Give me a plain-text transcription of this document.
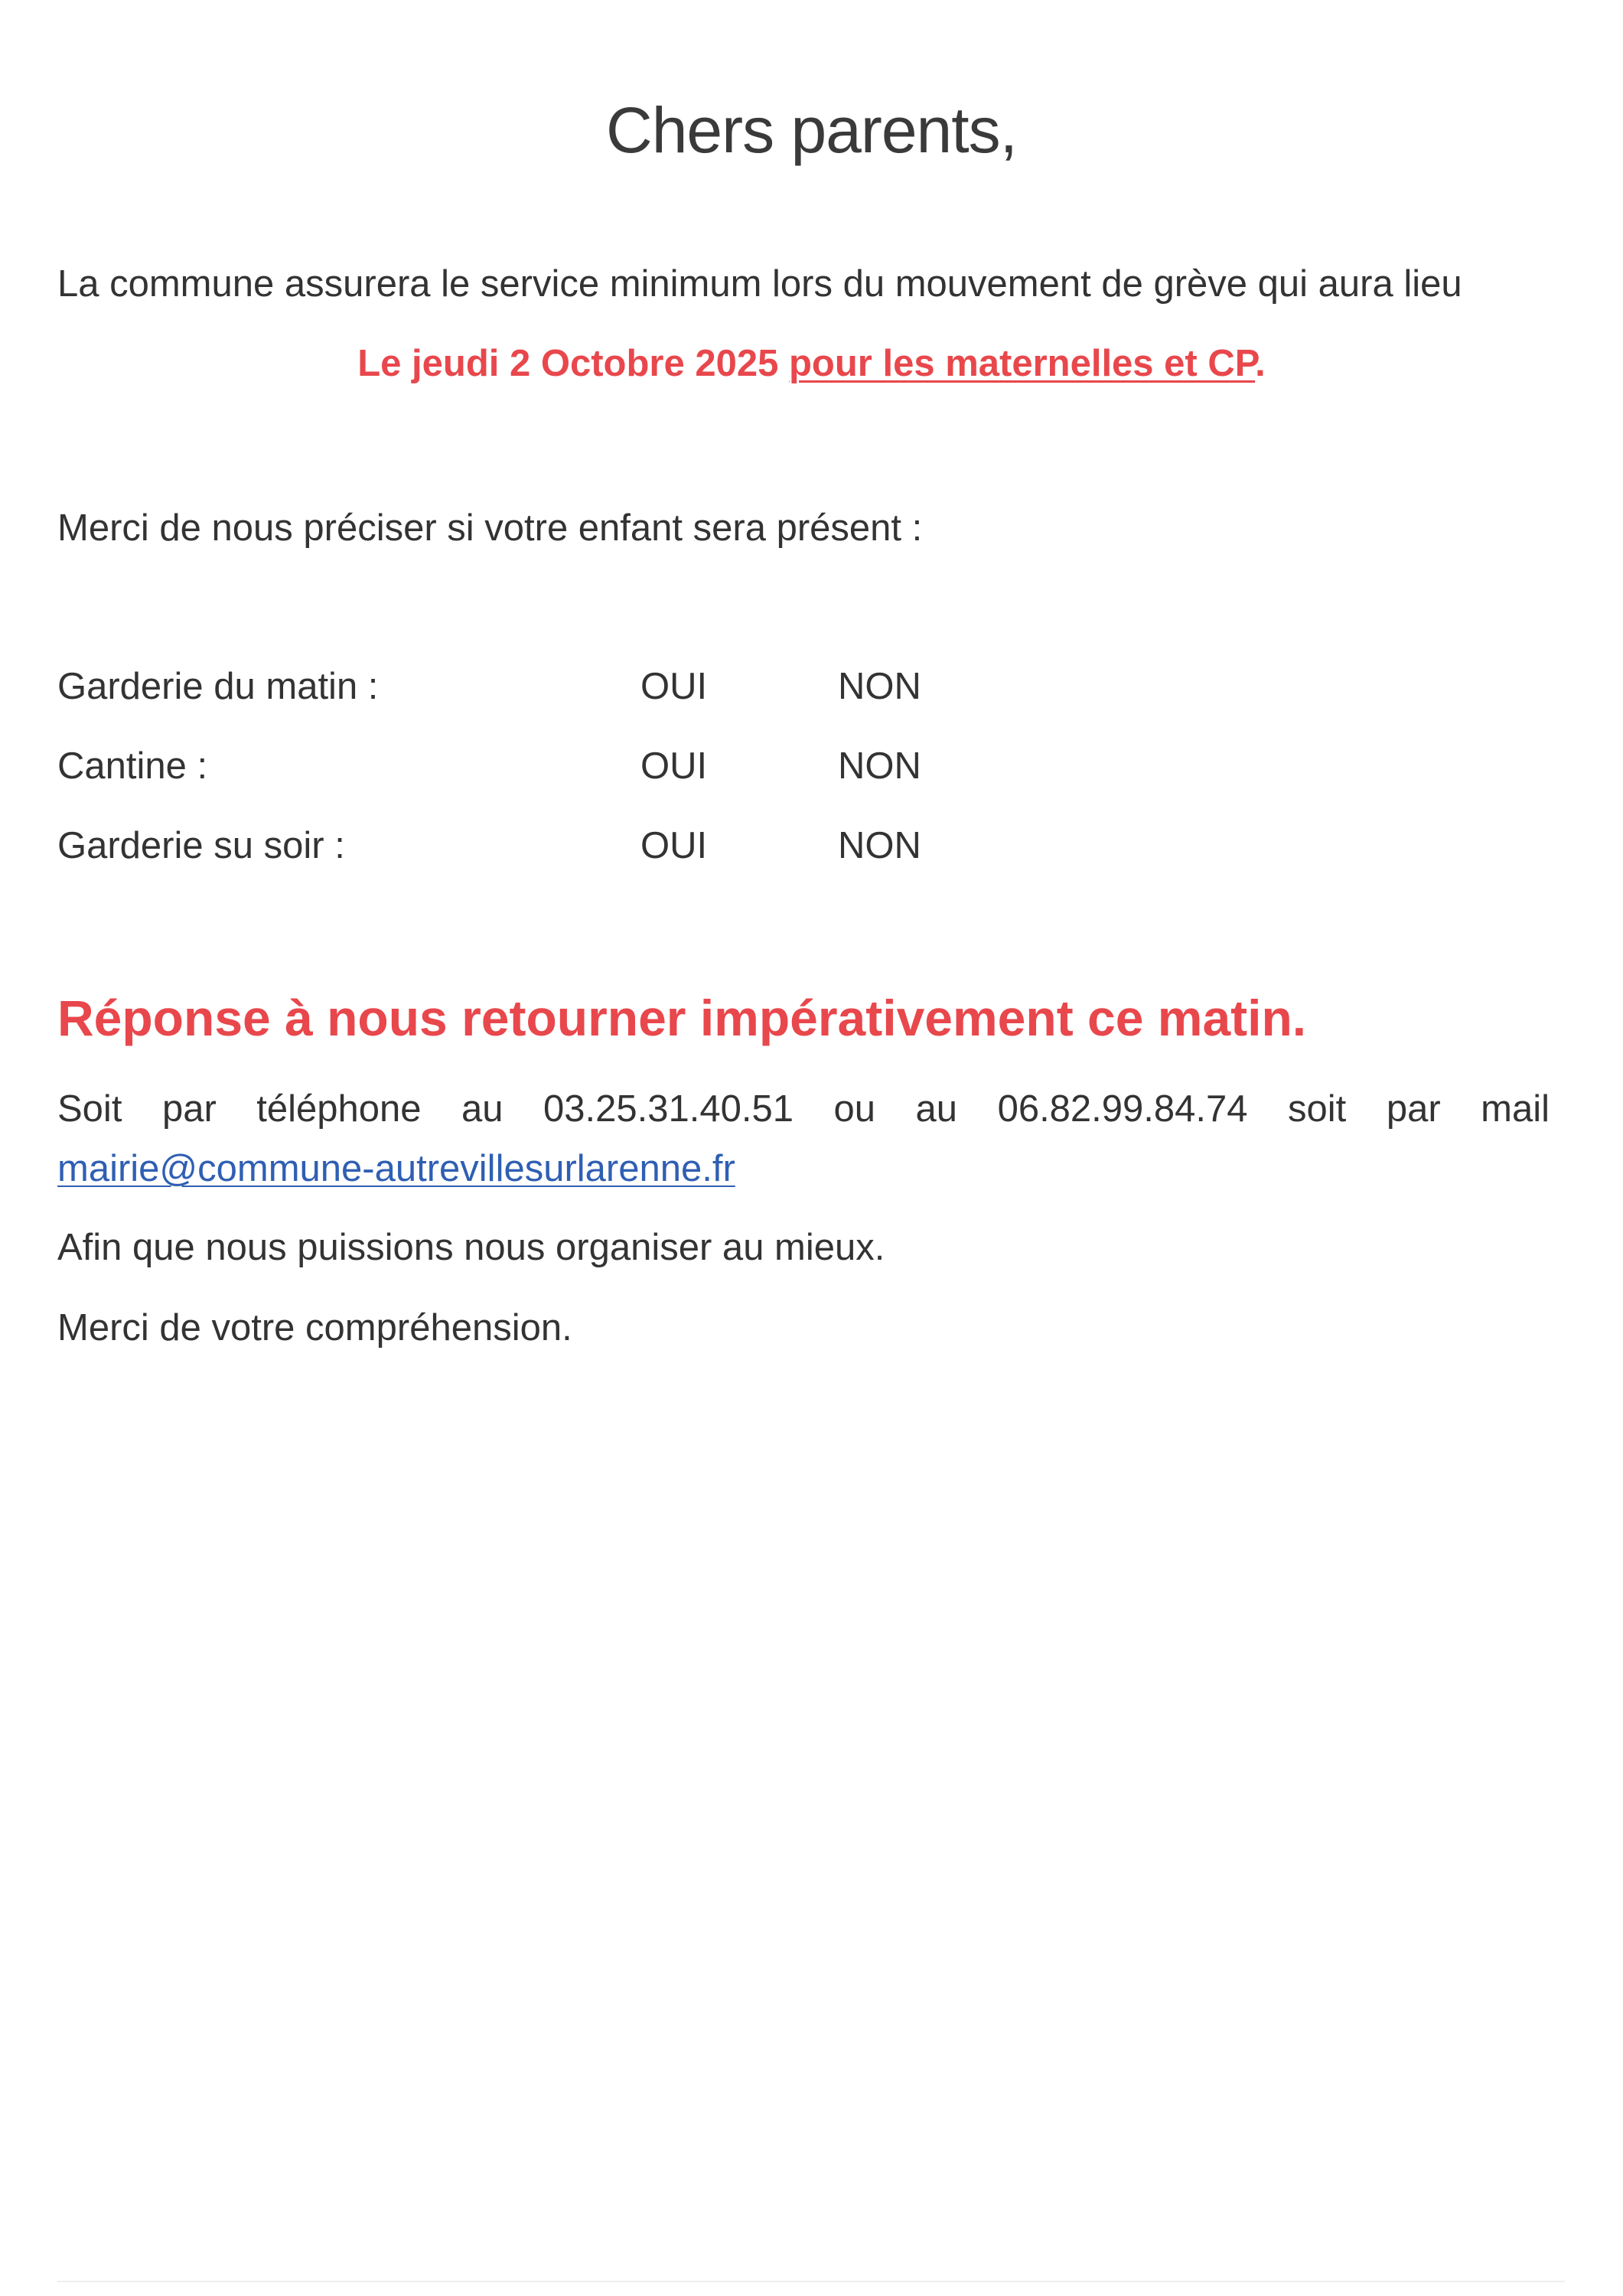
Chers parents,
La commune assurera le service minimum lors du mouvement de grève qui aura lieu
Le jeudi 2 Octobre 2025 pour les maternelles et CP.
Merci de nous préciser si votre enfant sera présent :
Garderie du matin :	OUI	NON
Cantine :	OUI	NON
Garderie su soir :	OUI	NON
Réponse à nous retourner impérativement ce matin.
Soit par téléphone au 03.25.31.40.51 ou au 06.82.99.84.74 soit par mail
mairie@commune-autrevillesurlarenne.fr
Afin que nous puissions nous organiser au mieux.
Merci de votre compréhension.
